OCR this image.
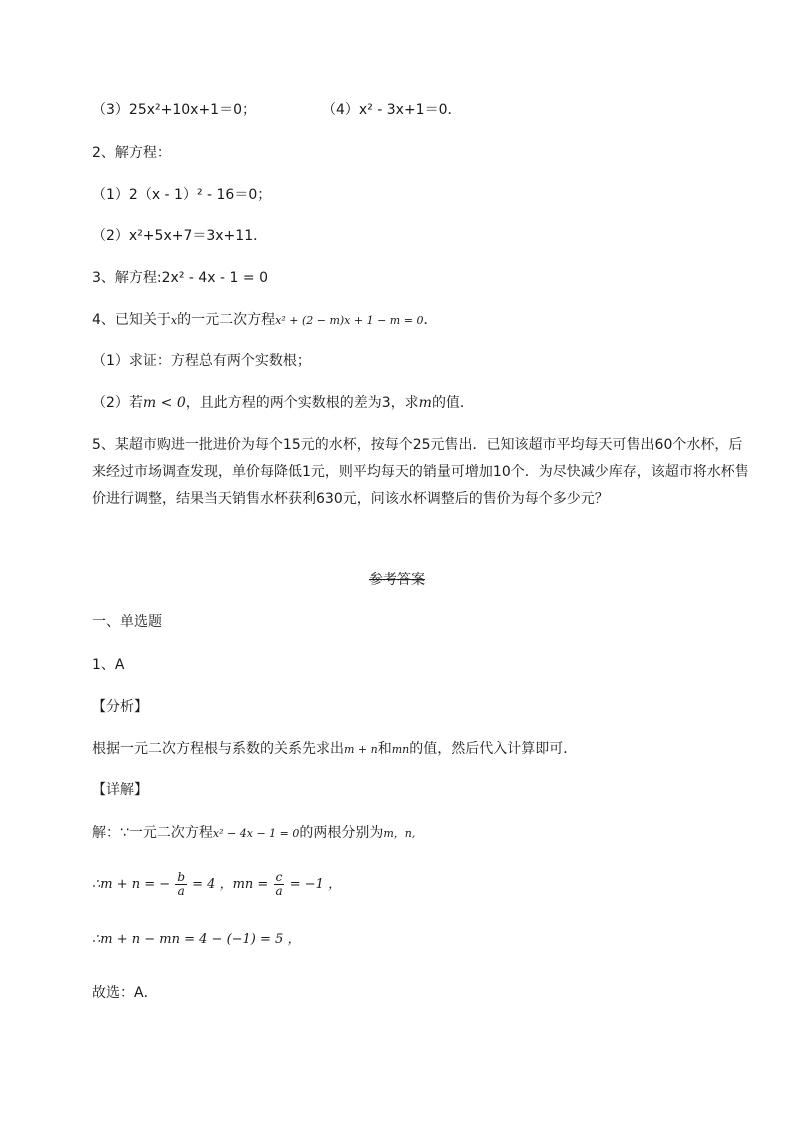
（3）25x²+10x+1＝0；	（4）x² - 3x+1＝0．
2、解方程：
（1）2（x - 1）² - 16＝0；
（2）x²+5x+7＝3x+11．
3、解方程:2x² - 4x - 1 = 0
4、已知关于x的一元二次方程x² + (2 − m)x + 1 − m = 0．
（1）求证：方程总有两个实数根；
（2）若m < 0，且此方程的两个实数根的差为3，求m的值．
5、某超市购进一批进价为每个15元的水杯，按每个25元售出．已知该超市平均每天可售出60个水杯，后来经过市场调查发现，单价每降低1元，则平均每天的销量可增加10个．为尽快减少库存，该超市将水杯售价进行调整，结果当天销售水杯获利630元，问该水杯调整后的售价为每个多少元？
参考答案
一、单选题
1、A
【分析】
根据一元二次方程根与系数的关系先求出m + n和mn的值，然后代入计算即可．
【详解】
解：∵一元二次方程x² − 4x − 1 = 0的两根分别为m，n,
∴m + n = − $\frac{b}{a} = 4$ ，mn = $\frac{c}{a} = -1$ ，
∴m + n − mn = 4 − (−1) = 5 ，
故选：A．
